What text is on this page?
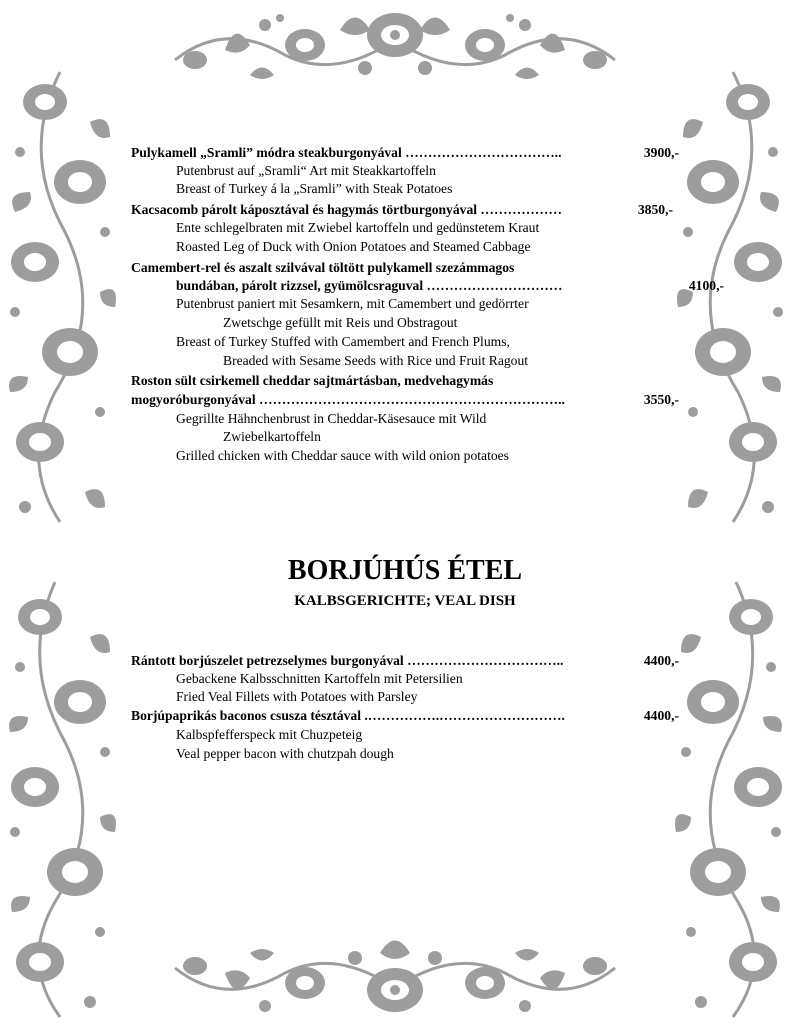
Pulykamell „Sramli” módra steakburgonyával ……………………………..	3900,-
Putenbrust auf „Sramli“ Art mit Steakkartoffeln
Breast of Turkey á la „Sramli” with Steak Potatoes
Kacsacomb párolt káposztával és hagymás törtburgonyával ………………	3850,-
Ente schlegelbraten mit Zwiebel kartoffeln und gedünstetem Kraut
Roasted Leg of Duck with Onion Potatoes and Steamed Cabbage
Camembert-rel és aszalt szilvával töltött pulykamell szezámmagos
bundában, párolt rizzsel, gyümölcsraguval …………………………	4100,-
Putenbrust paniert mit Sesamkern, mit Camembert und gedörrter
Zwetschge gefüllt mit Reis und Obstragout
Breast of Turkey Stuffed with Camembert and French Plums,
Breaded with Sesame Seeds with Rice und Fruit Ragout
Roston sült csirkemell cheddar sajtmártásban, medvehagymás
mogyoróburgonyával …………………………………………………………..	3550,-
Gegrillte Hähnchenbrust in Cheddar-Käsesauce mit Wild
Zwiebelkartoffeln
Grilled chicken with Cheddar sauce with wild onion potatoes
BORJÚHÚS ÉTEL
KALBSGERICHTE; VEAL DISH
Rántott borjúszelet petrezselymes burgonyával ……………………………..	4400,-
Gebackene Kalbsschnitten Kartoffeln mit Petersilien
Fried Veal Fillets with Potatoes with Parsley
Borjúpaprikás baconos csusza tésztával .…………….……………………….	4400,-
Kalbspfefferspeck mit Chuzpeteig
Veal pepper bacon with chutzpah dough
